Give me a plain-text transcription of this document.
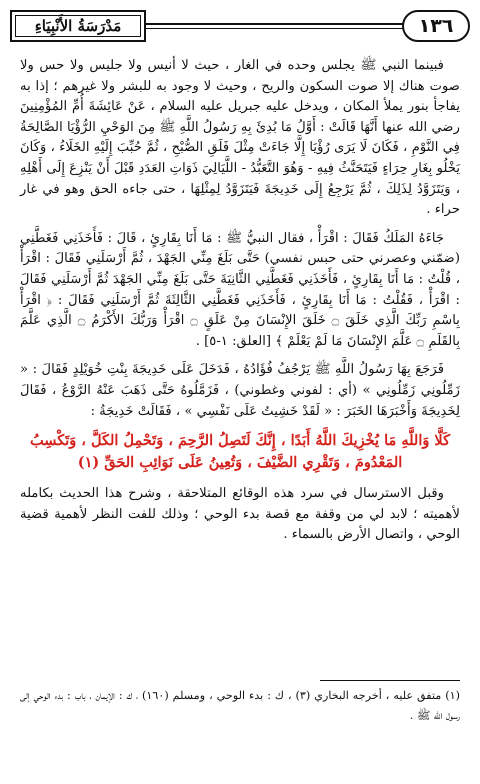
مَدْرَسَةُ الأَنْبِيَاءِ	١٣٦

فبينما النبي ﷺ يجلس وحده في الغار ، حيث لا أنيس ولا جليس ولا حس ولا صوت هناك إلا صوت السكون والريح ، وحيث لا وجود به للبشر ولا غيرهم ؛ إذا به يفاجأ بنور يملأ المكان ، ويدخل عليه جبريل عليه السلام ، عَنْ عَائِشَةَ أُمِّ المُؤْمِنِينَ رضي الله عنها أَنَّهَا قَالَتْ : أَوَّلُ مَا بُدِئَ بِهِ رَسُولُ اللَّهِ ﷺ مِنَ الوَحْيِ الرُّؤْيَا الصَّالِحَةُ فِي النَّوْمِ ، فَكَانَ لَا يَرَى رُؤْيَا إِلَّا جَاءَتْ مِثْلَ فَلَقِ الصُّبْحِ ، ثُمَّ حُبِّبَ إِلَيْهِ الخَلَاءُ ، وَكَانَ يَخْلُو بِغَارِ حِرَاءٍ فَيَتَحَنَّثُ فِيهِ - وَهُوَ التَّعَبُّدُ - اللَّيَالِيَ ذَوَاتِ العَدَدِ قَبْلَ أَنْ يَنْزِعَ إِلَى أَهْلِهِ ، وَيَتَزَوَّدُ لِذَلِكَ ، ثُمَّ يَرْجِعُ إِلَى خَدِيجَةَ فَيَتَزَوَّدُ لِمِثْلِهَا ، حتى جاءه الحق وهو في غار حراء .

جَاءَهُ المَلَكُ فَقَالَ : اقْرَأْ ، فقال النبيُّ ﷺ : مَا أَنَا بِقَارِئٍ ، قَالَ : فَأَخَذَنِي فَغَطَّنِي (ضمّني وعصرني حتى حبس نفسي) حَتَّى بَلَغَ مِنِّي الجَهْدَ ، ثُمَّ أَرْسَلَنِي فَقَالَ : اقْرَأْ ، قُلْتُ : مَا أَنَا بِقَارِئٍ ، فَأَخَذَنِي فَغَطَّنِي الثَّانِيَةَ حَتَّى بَلَغَ مِنِّي الجَهْدَ ثُمَّ أَرْسَلَنِي فَقَالَ : اقْرَأْ ، فَقُلْتُ : مَا أَنَا بِقَارِئٍ ، فَأَخَذَنِي فَغَطَّنِي الثَّالِثَةَ ثُمَّ أَرْسَلَنِي فَقَالَ : ﴿ اقْرَأْ بِاسْمِ رَبِّكَ الَّذِي خَلَقَ ۝ خَلَقَ الإِنْسَانَ مِنْ عَلَقٍ ۝ اقْرَأْ وَرَبُّكَ الأَكْرَمُ ۝ الَّذِي عَلَّمَ بِالقَلَمِ ۝ عَلَّمَ الإِنْسَانَ مَا لَمْ يَعْلَمْ ﴾ [العلق: ١-٥] .

فَرَجَعَ بِهَا رَسُولُ اللَّهِ ﷺ يَرْجُفُ فُؤَادُهُ ، فَدَخَلَ عَلَى خَدِيجَةَ بِنْتِ خُوَيْلِدٍ فَقَالَ : « زَمِّلُونِي زَمِّلُونِي » (أي : لفوني وغطوني) ، فَزَمَّلُوهُ حَتَّى ذَهَبَ عَنْهُ الرَّوْعُ ، فَقَالَ لِخَدِيجَةَ وَأَخْبَرَهَا الخَبَرَ : « لَقَدْ خَشِيتُ عَلَى نَفْسِي » ، فَقَالَتْ خَدِيجَةُ :

كَلَّا وَاللَّهِ مَا يُخْزِيكَ اللَّهُ أَبَدًا ، إِنَّكَ لَتَصِلُ الرَّحِمَ ، وَتَحْمِلُ الكَلَّ ، وَتَكْسِبُ المَعْدُومَ ، وَتَقْرِي الضَّيْفَ ، وَتُعِينُ عَلَى نَوَائِبِ الحَقِّ (١)

وقبل الاسترسال في سرد هذه الوقائع المتلاحقة ، وشرح هذا الحديث بكامله لأهميته ؛ لابد لي من وقفة مع قصة بدء الوحي ؛ وذلك للفت النظر لأهمية قضية الوحي ، واتصال الأرض بالسماء .

(١) متفق عليه ، أخرجه البخاري (٣) ، ك : بدء الوحي ، ومسلم (١٦٠) ، ك : الإيمان ، باب : بدء الوحي إلى رسول الله ﷺ .
